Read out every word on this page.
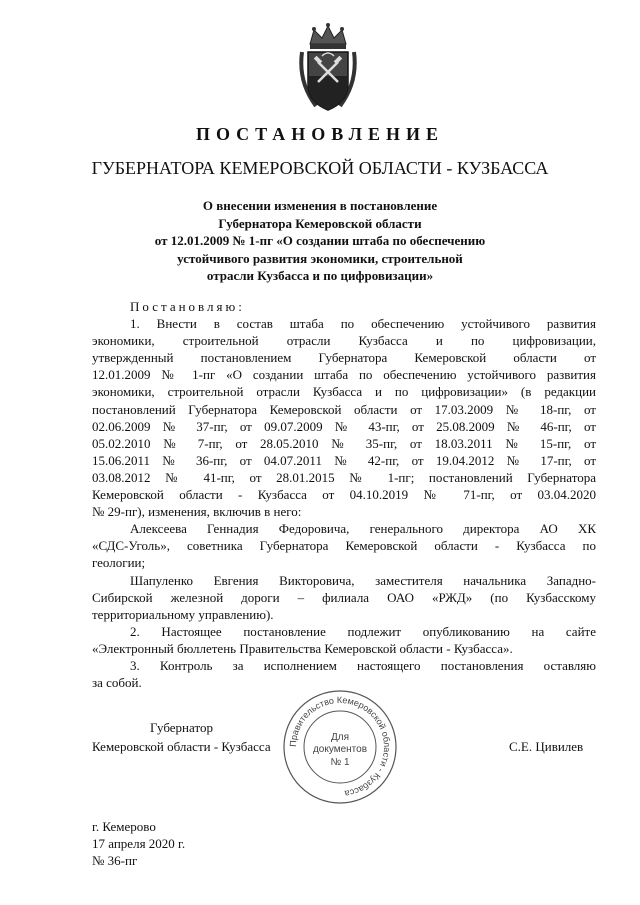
ПОСТАНОВЛЕНИЕ
ГУБЕРНАТОРА КЕМЕРОВСКОЙ ОБЛАСТИ - КУЗБАССА
О внесении изменения в постановление
Губернатора Кемеровской области
от 12.01.2009 № 1-пг «О создании штаба по обеспечению
устойчивого развития экономики, строительной
отрасли Кузбасса и по цифровизации»
Постановляю:
1. Внести в состав штаба по обеспечению устойчивого развития
экономики, строительной отрасли Кузбасса и по цифровизации,
утвержденный постановлением Губернатора Кемеровской области от
12.01.2009 № 1-пг «О создании штаба по обеспечению устойчивого развития
экономики, строительной отрасли Кузбасса и по цифровизации» (в редакции
постановлений Губернатора Кемеровской области от 17.03.2009 № 18-пг, от
02.06.2009 № 37-пг, от 09.07.2009 № 43-пг, от 25.08.2009 № 46-пг, от
05.02.2010 № 7-пг, от 28.05.2010 № 35-пг, от 18.03.2011 № 15-пг, от
15.06.2011 № 36-пг, от 04.07.2011 № 42-пг, от 19.04.2012 № 17-пг, от
03.08.2012 № 41-пг, от 28.01.2015 № 1-пг; постановлений Губернатора
Кемеровской области - Кузбасса от 04.10.2019 № 71-пг, от 03.04.2020
№ 29-пг), изменения, включив в него:
Алексеева Геннадия Федоровича, генерального директора АО ХК
«СДС-Уголь», советника Губернатора Кемеровской области - Кузбасса по
геологии;
Шапуленко Евгения Викторовича, заместителя начальника Западно-
Сибирской железной дороги – филиала ОАО «РЖД» (по Кузбасскому
территориальному управлению).
2. Настоящее постановление подлежит опубликованию на сайте
«Электронный бюллетень Правительства Кемеровской области - Кузбасса».
3. Контроль за исполнением настоящего постановления оставляю
за собой.
Губернатор
Кемеровской области - Кузбасса	С.Е. Цивилев
Правительство Кемеровской области - Кузбасса
Для
документов
№ 1
г. Кемерово
17 апреля 2020 г.
№ 36-пг
